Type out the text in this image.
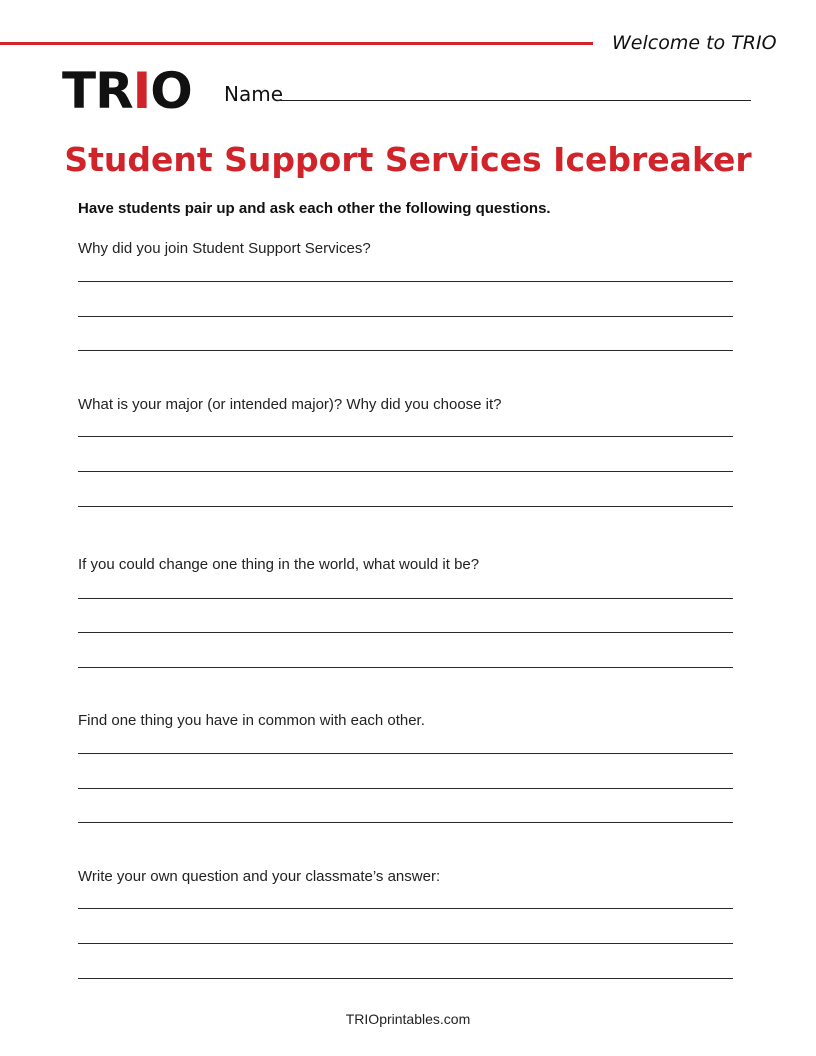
Welcome to TRIO
TRIO Name
Student Support Services Icebreaker
Have students pair up and ask each other the following questions.
Why did you join Student Support Services?
What is your major (or intended major)? Why did you choose it?
If you could change one thing in the world, what would it be?
Find one thing you have in common with each other.
Write your own question and your classmate’s answer:
TRIOprintables.com
